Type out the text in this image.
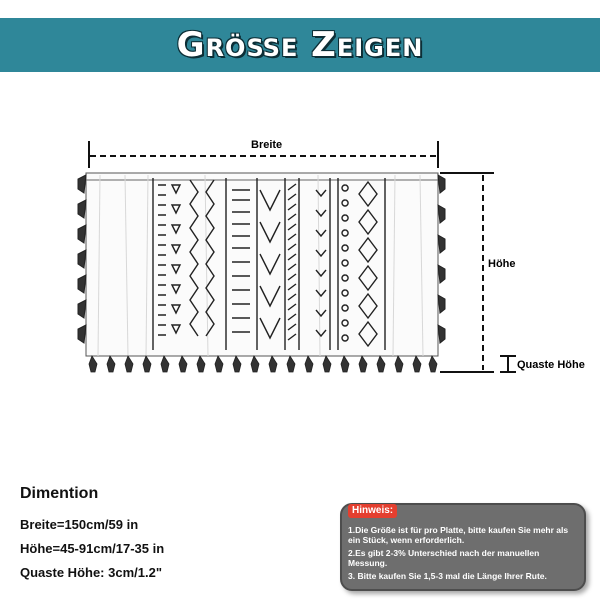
Größe Zeigen
Breite
Höhe
Quaste Höhe
Dimention
Breite=150cm/59 in
Höhe=45-91cm/17-35 in
Quaste Höhe: 3cm/1.2"
Hinweis:
1.Die Größe ist für pro Platte, bitte kaufen Sie mehr als ein Stück, wenn erforderlich.
2.Es gibt 2-3% Unterschied nach der manuellen Messung.
3. Bitte kaufen Sie 1,5-3 mal die Länge Ihrer Rute.
